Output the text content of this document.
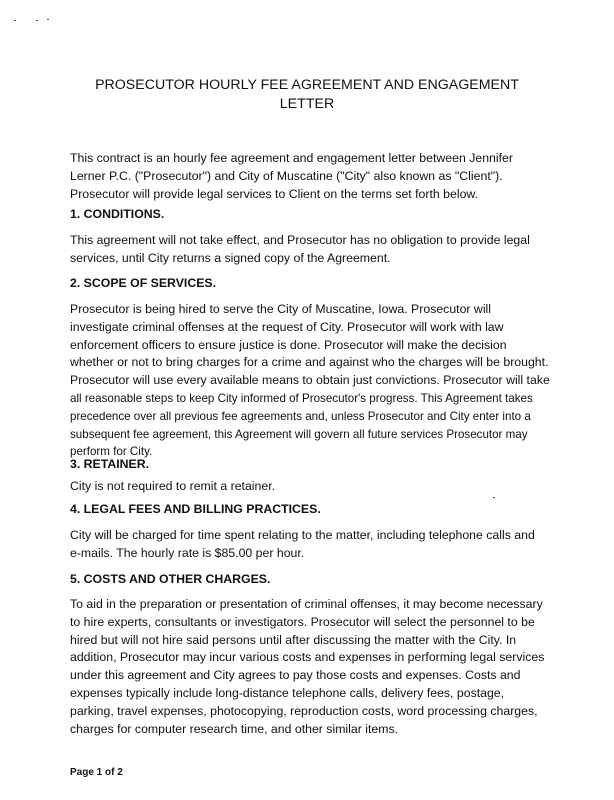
PROSECUTOR HOURLY FEE AGREEMENT AND ENGAGEMENT
LETTER
This contract is an hourly fee agreement and engagement letter between Jennifer
Lerner P.C. ("Prosecutor") and City of Muscatine ("City" also known as "Client").
Prosecutor will provide legal services to Client on the terms set forth below.
1. CONDITIONS.
This agreement will not take effect, and Prosecutor has no obligation to provide legal
services, until City returns a signed copy of the Agreement.
2. SCOPE OF SERVICES.
Prosecutor is being hired to serve the City of Muscatine, Iowa. Prosecutor will
investigate criminal offenses at the request of City. Prosecutor will work with law
enforcement officers to ensure justice is done. Prosecutor will make the decision
whether or not to bring charges for a crime and against who the charges will be brought.
Prosecutor will use every available means to obtain just convictions. Prosecutor will take
all reasonable steps to keep City informed of Prosecutor's progress. This Agreement takes
precedence over all previous fee agreements and, unless Prosecutor and City enter into a
subsequent fee agreement, this Agreement will govern all future services Prosecutor may
perform for City.
3. RETAINER.
City is not required to remit a retainer.
4. LEGAL FEES AND BILLING PRACTICES.
City will be charged for time spent relating to the matter, including telephone calls and
e-mails. The hourly rate is $85.00 per hour.
5. COSTS AND OTHER CHARGES.
To aid in the preparation or presentation of criminal offenses, it may become necessary
to hire experts, consultants or investigators. Prosecutor will select the personnel to be
hired but will not hire said persons until after discussing the matter with the City. In
addition, Prosecutor may incur various costs and expenses in performing legal services
under this agreement and City agrees to pay those costs and expenses. Costs and
expenses typically include long-distance telephone calls, delivery fees, postage,
parking, travel expenses, photocopying, reproduction costs, word processing charges,
charges for computer research time, and other similar items.
Page 1 of 2
